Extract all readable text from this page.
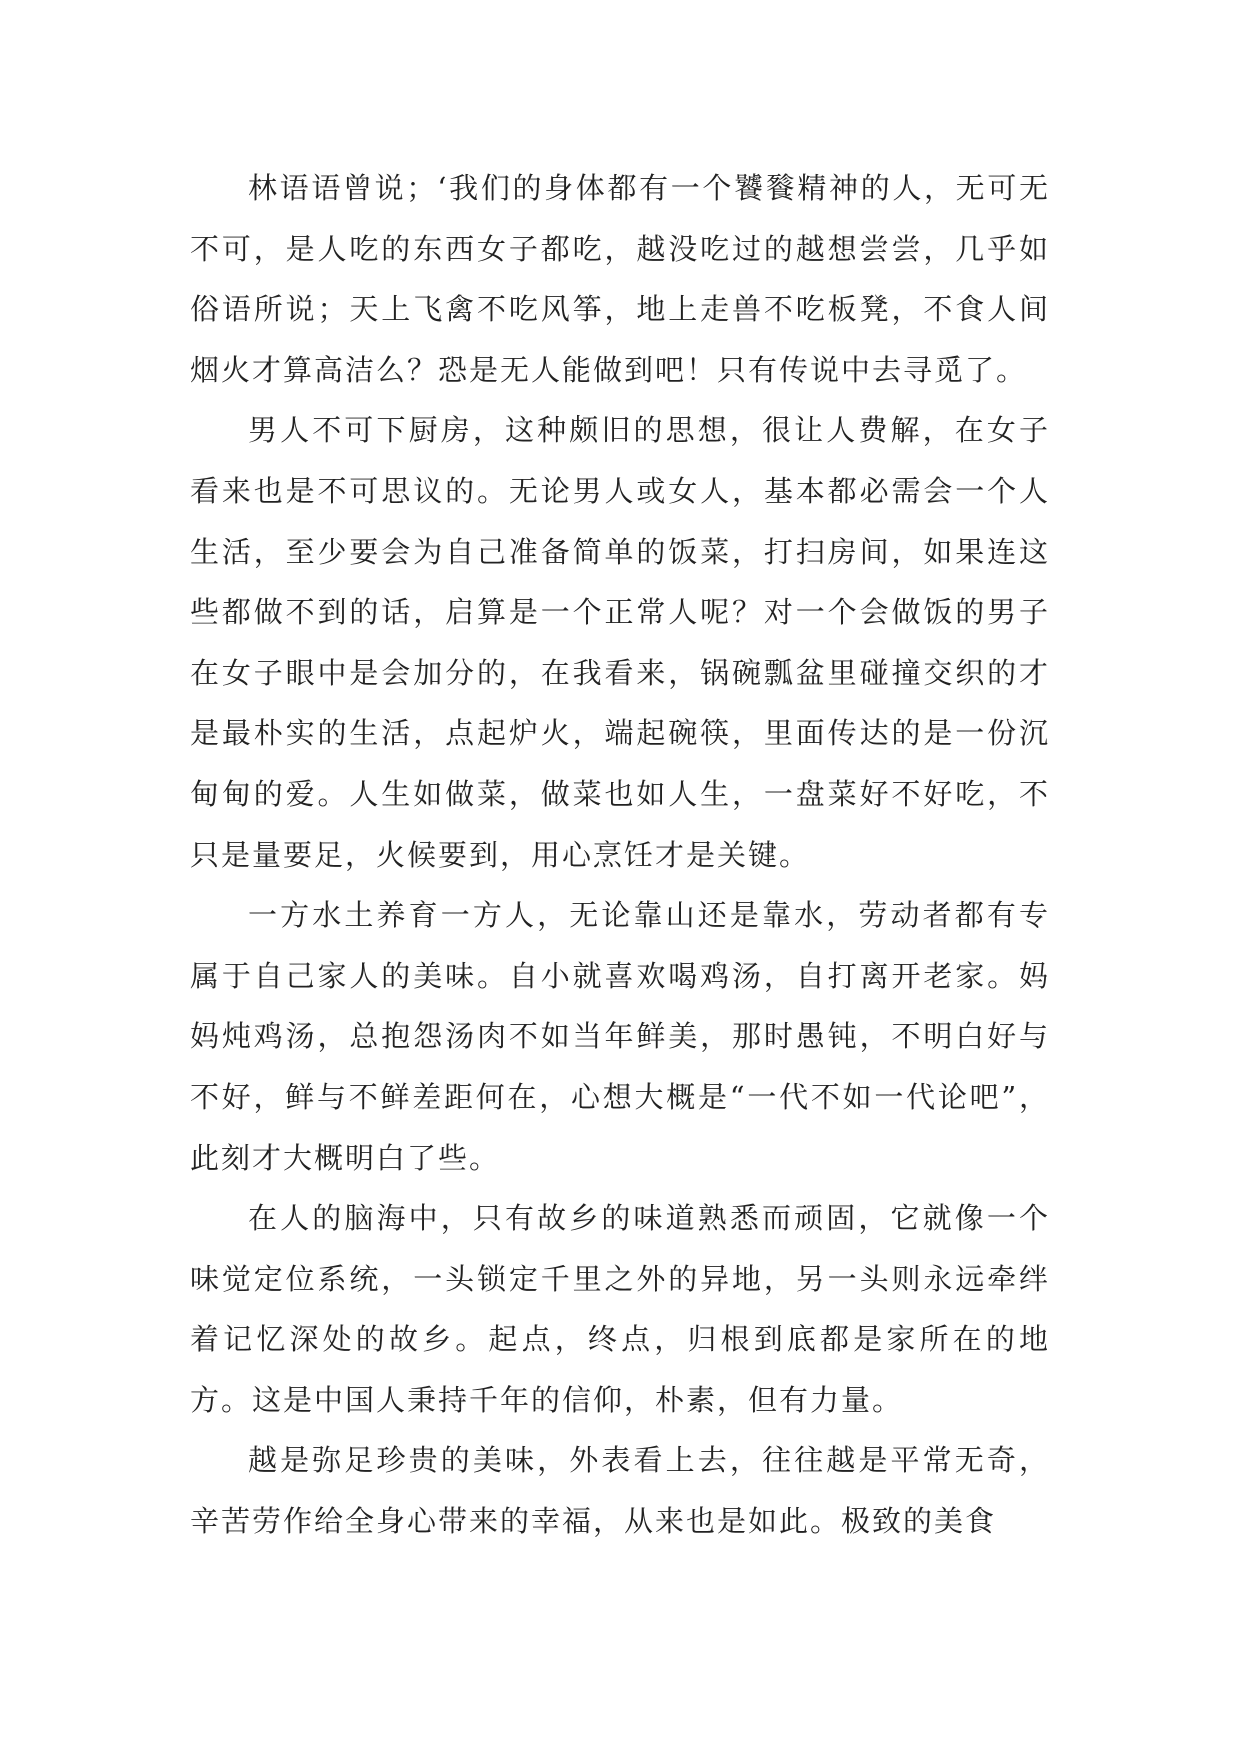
林语语曾说；‘我们的身体都有一个饕餮精神的人，无可无不可，是人吃的东西女子都吃，越没吃过的越想尝尝，几乎如俗语所说；天上飞禽不吃风筝，地上走兽不吃板凳，不食人间烟火才算高洁么？恐是无人能做到吧！只有传说中去寻觅了。

男人不可下厨房，这种颇旧的思想，很让人费解，在女子看来也是不可思议的。无论男人或女人，基本都必需会一个人生活，至少要会为自己准备简单的饭菜，打扫房间，如果连这些都做不到的话，启算是一个正常人呢？对一个会做饭的男子在女子眼中是会加分的，在我看来，锅碗瓢盆里碰撞交织的才是最朴实的生活，点起炉火，端起碗筷，里面传达的是一份沉甸甸的爱。人生如做菜，做菜也如人生，一盘菜好不好吃，不只是量要足，火候要到，用心烹饪才是关键。

一方水土养育一方人，无论靠山还是靠水，劳动者都有专属于自己家人的美味。自小就喜欢喝鸡汤，自打离开老家。妈妈炖鸡汤，总抱怨汤肉不如当年鲜美，那时愚钝，不明白好与不好，鲜与不鲜差距何在，心想大概是“一代不如一代论吧”，此刻才大概明白了些。

在人的脑海中，只有故乡的味道熟悉而顽固，它就像一个味觉定位系统，一头锁定千里之外的异地，另一头则永远牵绊着记忆深处的故乡。起点，终点，归根到底都是家所在的地方。这是中国人秉持千年的信仰，朴素，但有力量。

越是弥足珍贵的美味，外表看上去，往往越是平常无奇，辛苦劳作给全身心带来的幸福，从来也是如此。极致的美食
